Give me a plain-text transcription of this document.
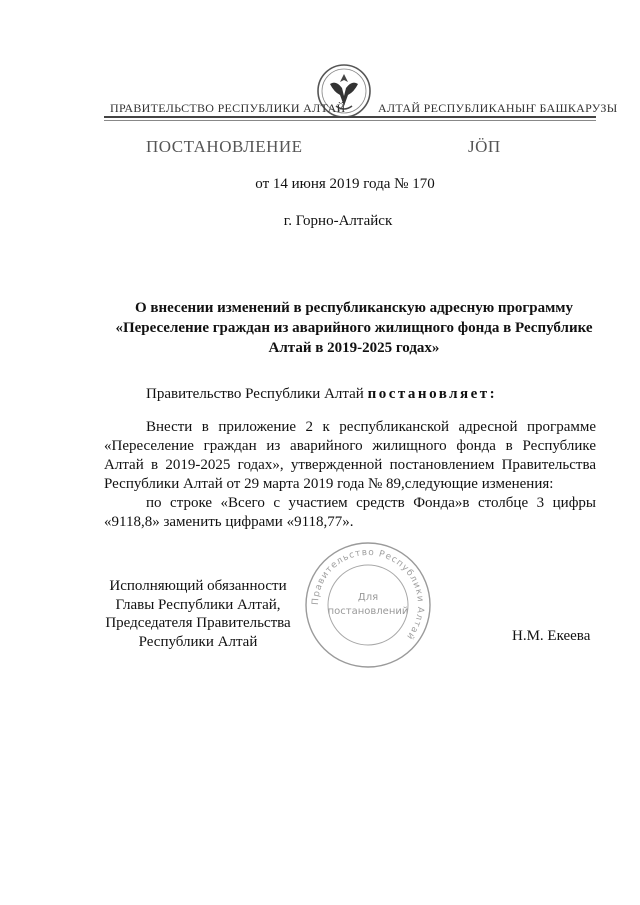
ПРАВИТЕЛЬСТВО РЕСПУБЛИКИ АЛТАЙ	АЛТАЙ РЕСПУБЛИКАНЫҤ БАШКАРУЗЫ
ПОСТАНОВЛЕНИЕ	ЈÖП
от 14 июня 2019 года № 170
г. Горно-Алтайск
О внесении изменений в республиканскую адресную программу «Переселение граждан из аварийного жилищного фонда в Республике Алтай в 2019-2025 годах»
Правительство Республики Алтай постановляет:

Внести в приложение 2 к республиканской адресной программе «Переселение граждан из аварийного жилищного фонда в Республике Алтай в 2019-2025 годах», утвержденной постановлением Правительства Республики Алтай от 29 марта 2019 года № 89,следующие изменения:

по строке «Всего с участием средств Фонда»в столбце 3 цифры «9118,8» заменить цифрами «9118,77».

Исполняющий обязанности
Главы Республики Алтай,
Председателя Правительства
Республики Алтай	Н.М. Екеева
Правительство Республики Алтай
Для
постановлений
